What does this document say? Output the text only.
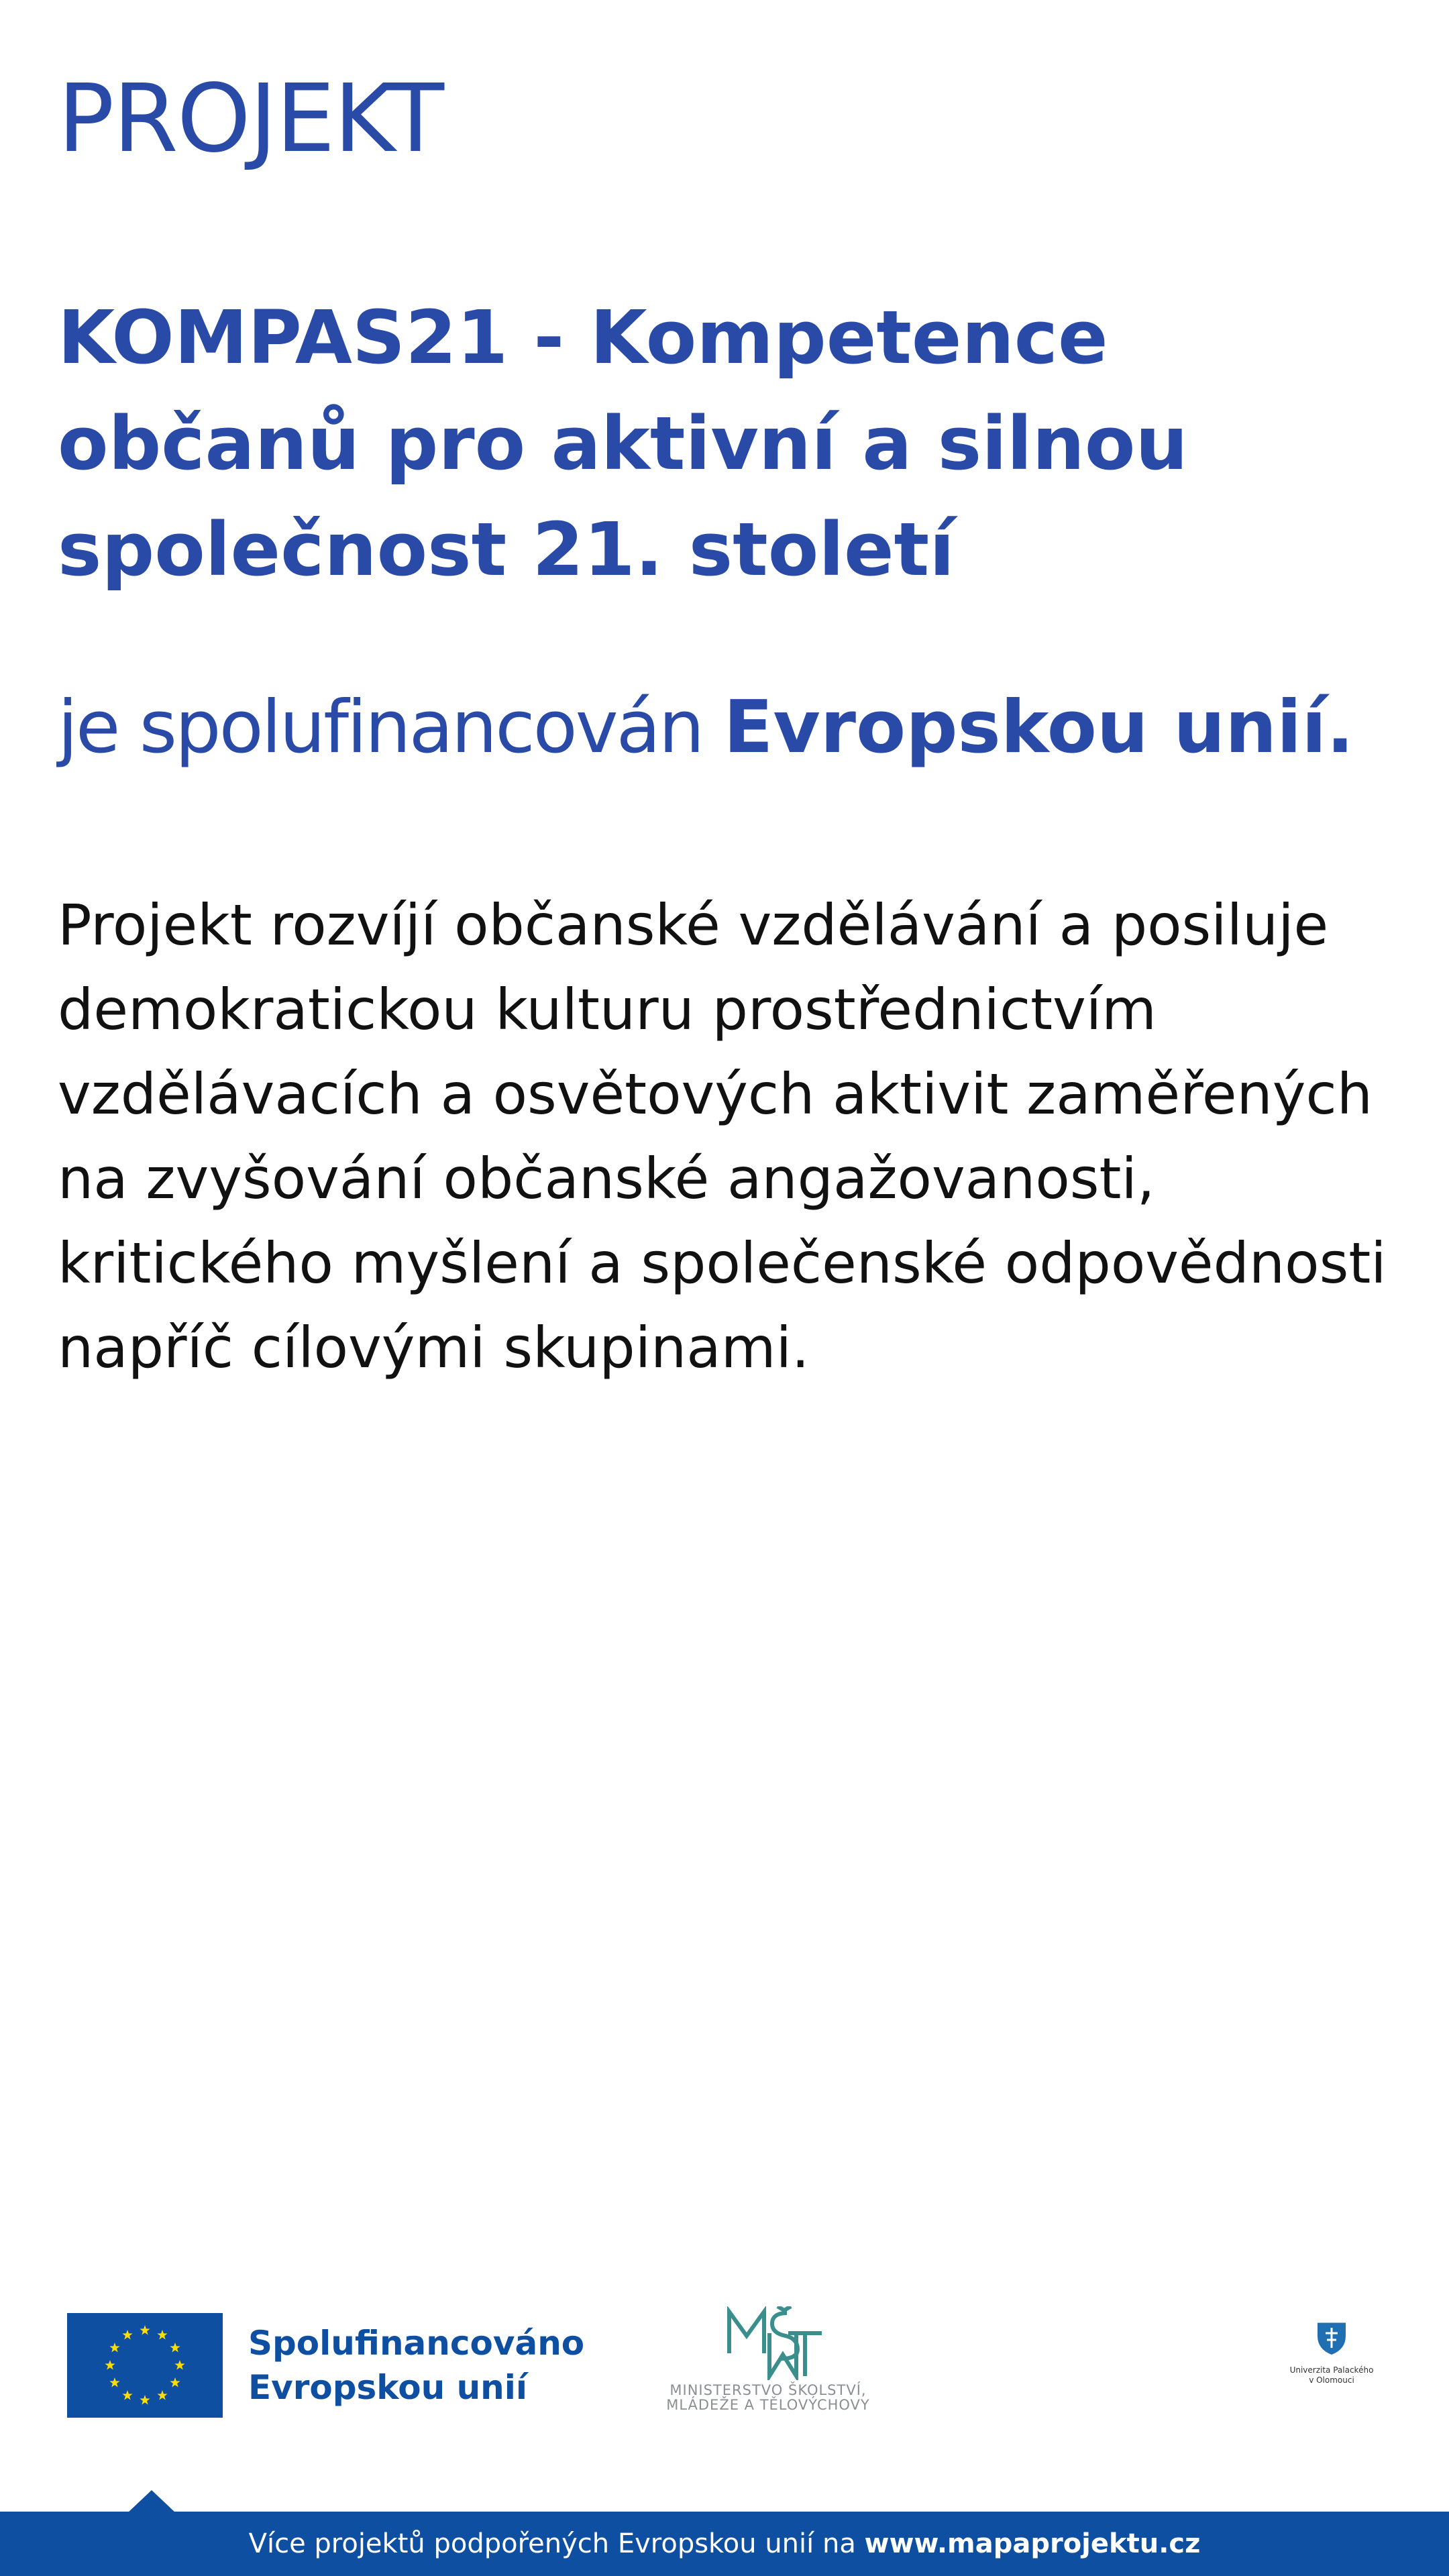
PROJEKT
KOMPAS21 - Kompetence občanů pro aktivní a silnou společnost 21. století

je spolufinancován Evropskou unií.

Projekt rozvíjí občanské vzdělávání a posiluje demokratickou kulturu prostřednictvím vzdělávacích a osvětových aktivit zaměřených na zvyšování občanské angažovanosti, kritického myšlení a společenské odpovědnosti napříč cílovými skupinami.

Spolufinancováno
Evropskou unií	MINISTERSTVO ŠKOLSTVÍ,
MLÁDEŽE A TĚLOVÝCHOVY
Univerzita Palackého
v Olomouci
Více projektů podpořených Evropskou unií na www.mapaprojektu.cz
